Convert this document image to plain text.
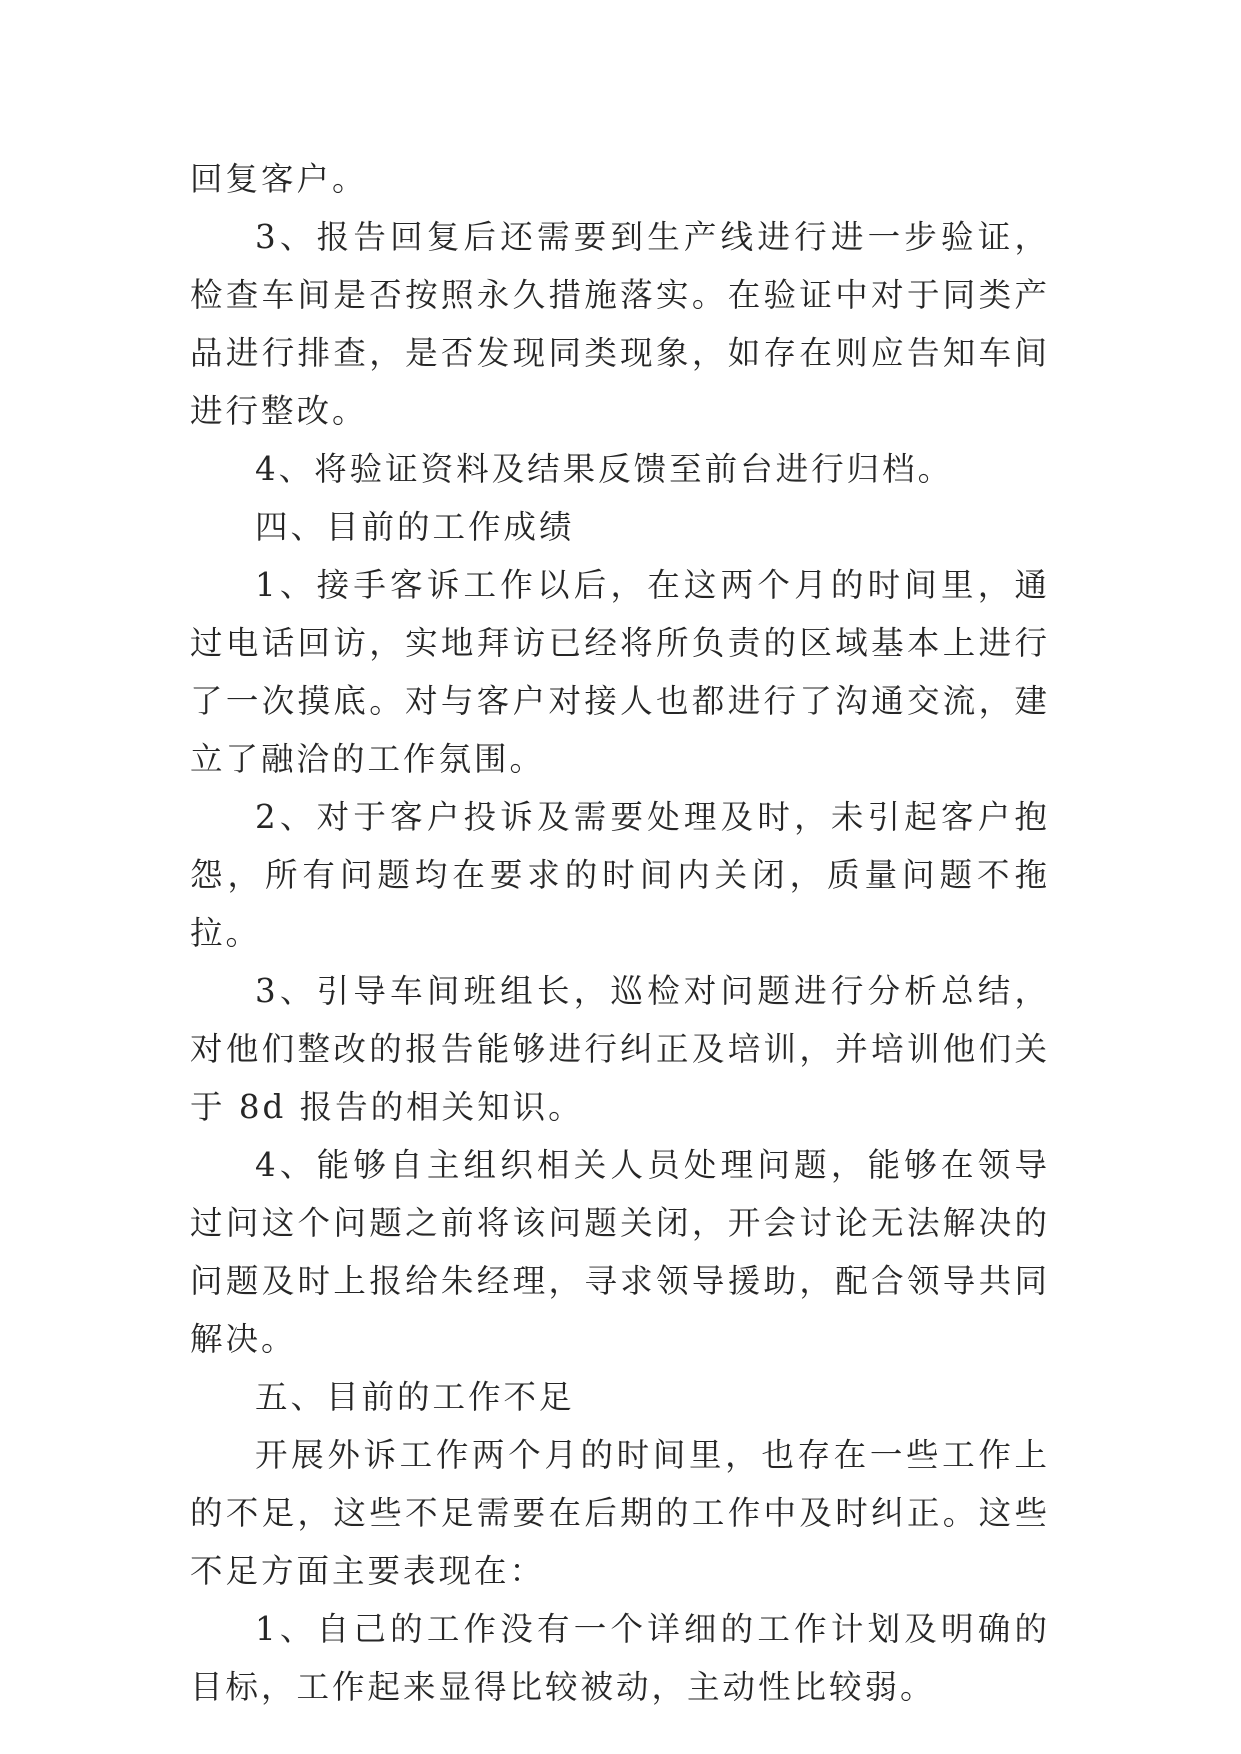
回复客户。

3、报告回复后还需要到生产线进行进一步验证，检查车间是否按照永久措施落实。在验证中对于同类产品进行排查，是否发现同类现象，如存在则应告知车间进行整改。

4、将验证资料及结果反馈至前台进行归档。

四、目前的工作成绩

1、接手客诉工作以后，在这两个月的时间里，通过电话回访，实地拜访已经将所负责的区域基本上进行了一次摸底。对与客户对接人也都进行了沟通交流，建立了融洽的工作氛围。

2、对于客户投诉及需要处理及时，未引起客户抱怨，所有问题均在要求的时间内关闭，质量问题不拖拉。

3、引导车间班组长，巡检对问题进行分析总结，对他们整改的报告能够进行纠正及培训，并培训他们关于 8d 报告的相关知识。

4、能够自主组织相关人员处理问题，能够在领导过问这个问题之前将该问题关闭，开会讨论无法解决的问题及时上报给朱经理，寻求领导援助，配合领导共同解决。

五、目前的工作不足

开展外诉工作两个月的时间里，也存在一些工作上的不足，这些不足需要在后期的工作中及时纠正。这些不足方面主要表现在：

1、自己的工作没有一个详细的工作计划及明确的目标，工作起来显得比较被动，主动性比较弱。
